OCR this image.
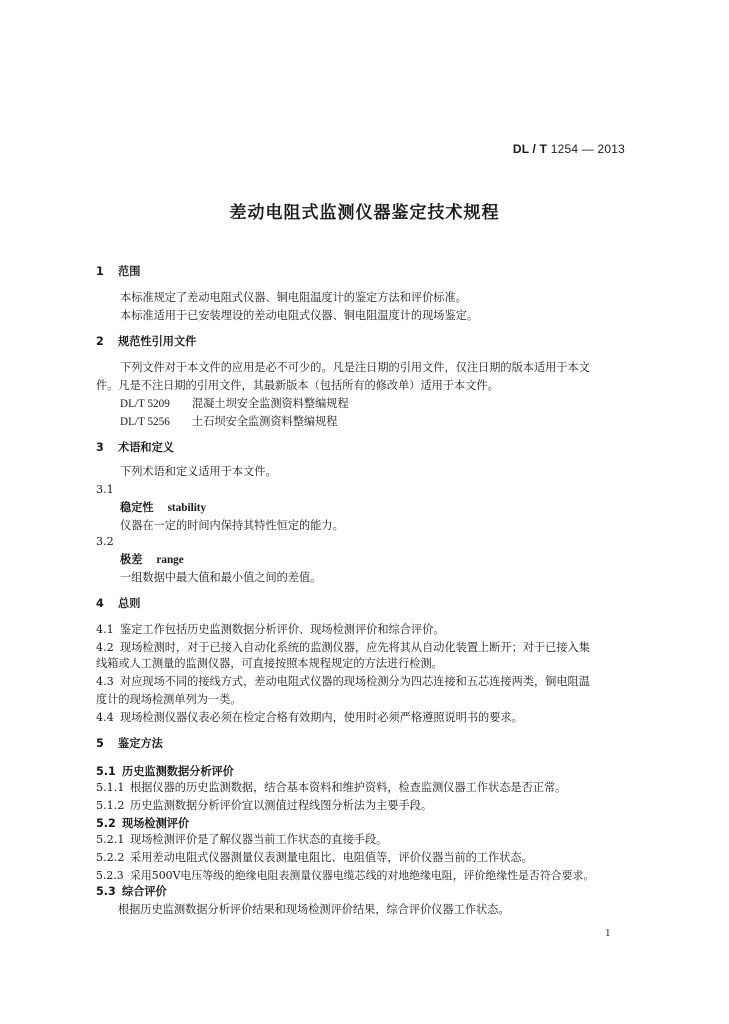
DL / T 1254 — 2013
差动电阻式监测仪器鉴定技术规程
1 范围
本标准规定了差动电阻式仪器、铜电阻温度计的鉴定方法和评价标准。
本标准适用于已安装埋设的差动电阻式仪器、铜电阻温度计的现场鉴定。
2 规范性引用文件
下列文件对于本文件的应用是必不可少的。凡是注日期的引用文件，仅注日期的版本适用于本文
件。凡是不注日期的引用文件，其最新版本（包括所有的修改单）适用于本文件。
DL/T 5209 混凝土坝安全监测资料整编规程
DL/T 5256 土石坝安全监测资料整编规程
3 术语和定义
下列术语和定义适用于本文件。
3.1
稳定性 stability
仪器在一定的时间内保持其特性恒定的能力。
3.2
极差 range
一组数据中最大值和最小值之间的差值。
4 总则
4.1 鉴定工作包括历史监测数据分析评价、现场检测评价和综合评价。
4.2 现场检测时，对于已接入自动化系统的监测仪器，应先将其从自动化装置上断开；对于已接入集
线箱或人工测量的监测仪器，可直接按照本规程规定的方法进行检测。
4.3 对应现场不同的接线方式，差动电阻式仪器的现场检测分为四芯连接和五芯连接两类，铜电阻温
度计的现场检测单列为一类。
4.4 现场检测仪器仪表必须在检定合格有效期内，使用时必须严格遵照说明书的要求。
5 鉴定方法
5.1 历史监测数据分析评价
5.1.1 根据仪器的历史监测数据，结合基本资料和维护资料，检查监测仪器工作状态是否正常。
5.1.2 历史监测数据分析评价宜以测值过程线图分析法为主要手段。
5.2 现场检测评价
5.2.1 现场检测评价是了解仪器当前工作状态的直接手段。
5.2.2 采用差动电阻式仪器测量仪表测量电阻比、电阻值等，评价仪器当前的工作状态。
5.2.3 采用500V电压等级的绝缘电阻表测量仪器电缆芯线的对地绝缘电阻，评价绝缘性是否符合要求。
5.3 综合评价
根据历史监测数据分析评价结果和现场检测评价结果，综合评价仪器工作状态。
1
